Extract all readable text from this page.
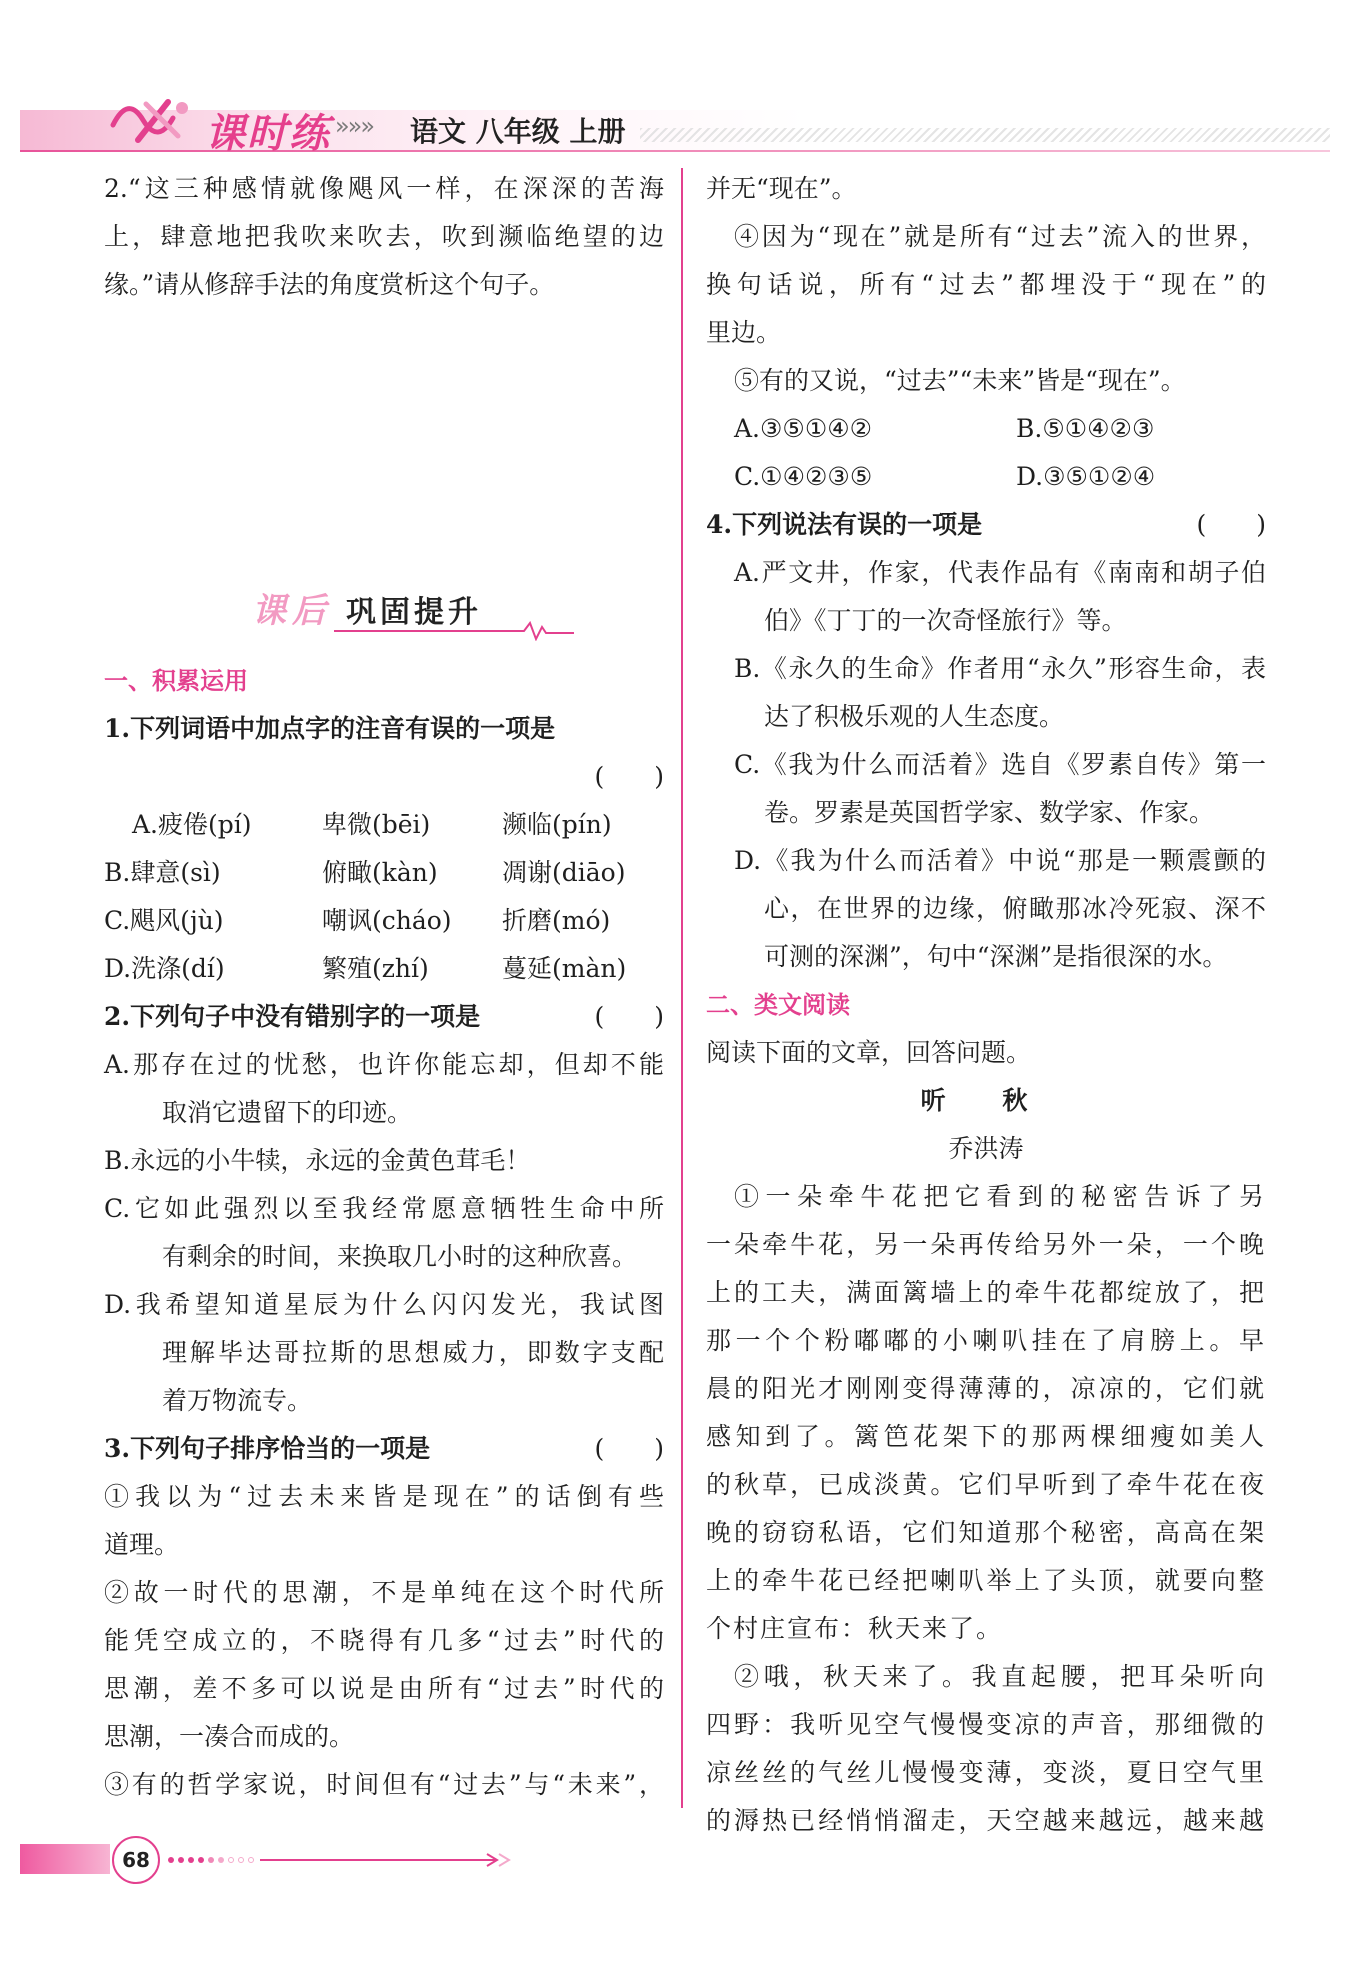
课时练 »»» 语文 八年级 上册
2.“这三种感情就像飓风一样，在深深的苦海
上，肆意地把我吹来吹去，吹到濒临绝望的边
缘。”请从修辞手法的角度赏析这个句子。
课后 巩固提升
一、积累运用
1.下列词语中加点字的注音有误的一项是
(　　)
A.疲倦(pí)	卑微(bēi)	濒临(pín)
B.肆意(sì)	俯瞰(kàn)	凋谢(diāo)
C.飓风(jù)	嘲讽(cháo)	折磨(mó)
D.洗涤(dí)	繁殖(zhí)	蔓延(màn)
2.下列句子中没有错别字的一项是	(　　)
A.那存在过的忧愁，也许你能忘却，但却不能
取消它遗留下的印迹。
B.永远的小牛犊，永远的金黄色茸毛！
C.它如此强烈以至我经常愿意牺牲生命中所
有剩余的时间，来换取几小时的这种欣喜。
D.我希望知道星辰为什么闪闪发光，我试图
理解毕达哥拉斯的思想威力，即数字支配
着万物流专。
3.下列句子排序恰当的一项是	(　　)
①我以为“过去未来皆是现在”的话倒有些
道理。
②故一时代的思潮，不是单纯在这个时代所
能凭空成立的，不晓得有几多“过去”时代的
思潮，差不多可以说是由所有“过去”时代的
思潮，一凑合而成的。
③有的哲学家说，时间但有“过去”与“未来”，
并无“现在”。
④因为“现在”就是所有“过去”流入的世界，
换句话说，所有“过去”都埋没于“现在”的
里边。
⑤有的又说，“过去”“未来”皆是“现在”。
A.③⑤①④②	B.⑤①④②③
C.①④②③⑤	D.③⑤①②④
4.下列说法有误的一项是	(　　)
A.严文井，作家，代表作品有《南南和胡子伯
伯》《丁丁的一次奇怪旅行》等。
B.《永久的生命》作者用“永久”形容生命，表
达了积极乐观的人生态度。
C.《我为什么而活着》选自《罗素自传》第一
卷。罗素是英国哲学家、数学家、作家。
D.《我为什么而活着》中说“那是一颗震颤的
心，在世界的边缘，俯瞰那冰冷死寂、深不
可测的深渊”，句中“深渊”是指很深的水。
二、类文阅读
阅读下面的文章，回答问题。
听 秋
乔洪涛
①一朵牵牛花把它看到的秘密告诉了另
一朵牵牛花，另一朵再传给另外一朵，一个晚
上的工夫，满面篱墙上的牵牛花都绽放了，把
那一个个粉嘟嘟的小喇叭挂在了肩膀上。早
晨的阳光才刚刚变得薄薄的，凉凉的，它们就
感知到了。篱笆花架下的那两棵细瘦如美人
的秋草，已成淡黄。它们早听到了牵牛花在夜
晚的窃窃私语，它们知道那个秘密，高高在架
上的牵牛花已经把喇叭举上了头顶，就要向整
个村庄宣布：秋天来了。
②哦，秋天来了。我直起腰，把耳朵听向
四野：我听见空气慢慢变凉的声音，那细微的
凉丝丝的气丝儿慢慢变薄，变淡，夏日空气里
的溽热已经悄悄溜走，天空越来越远，越来越
68
